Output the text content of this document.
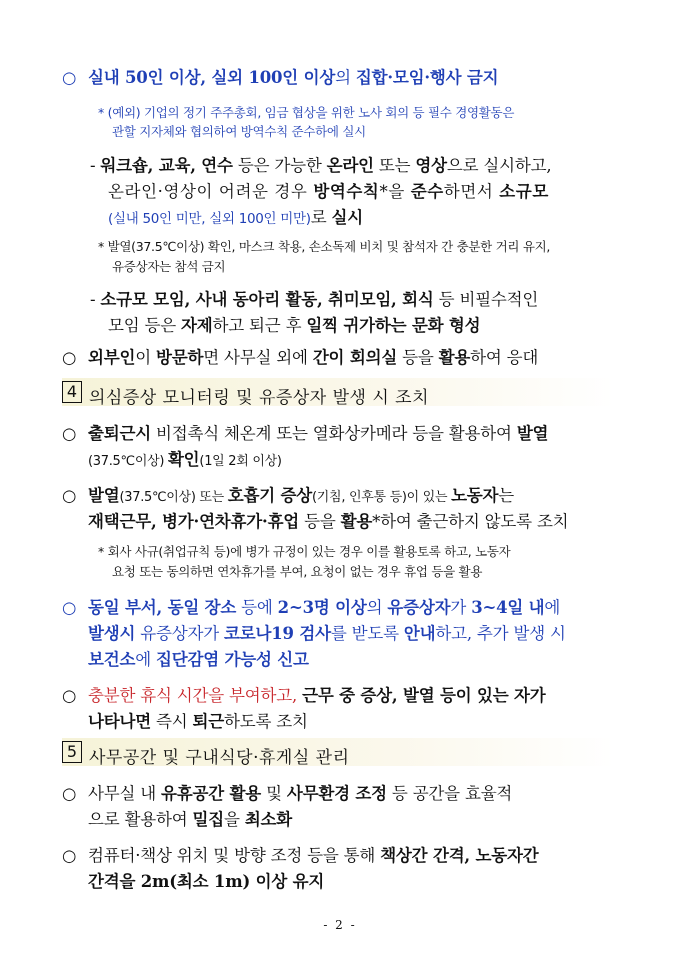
○ 실내 50인 이상, 실외 100인 이상의 집합·모임·행사 금지
* (예외) 기업의 정기 주주총회, 임금 협상을 위한 노사 회의 등 필수 경영활동은
관할 지자체와 협의하여 방역수칙 준수하에 실시
- 워크숍, 교육, 연수 등은 가능한 온라인 또는 영상으로 실시하고,
온라인·영상이 어려운 경우 방역수칙*을 준수하면서 소규모
(실내 50인 미만, 실외 100인 미만)로 실시
* 발열(37.5℃이상) 확인, 마스크 착용, 손소독제 비치 및 참석자 간 충분한 거리 유지,
유증상자는 참석 금지
- 소규모 모임, 사내 동아리 활동, 취미모임, 회식 등 비필수적인
모임 등은 자제하고 퇴근 후 일찍 귀가하는 문화 형성
○ 외부인이 방문하면 사무실 외에 간이 회의실 등을 활용하여 응대
4 의심증상 모니터링 및 유증상자 발생 시 조치
○ 출퇴근시 비접촉식 체온계 또는 열화상카메라 등을 활용하여 발열
(37.5℃이상) 확인(1일 2회 이상)
○ 발열(37.5℃이상) 또는 호흡기 증상(기침, 인후통 등)이 있는 노동자는
재택근무, 병가·연차휴가·휴업 등을 활용*하여 출근하지 않도록 조치
* 회사 사규(취업규칙 등)에 병가 규정이 있는 경우 이를 활용토록 하고, 노동자
요청 또는 동의하면 연차휴가를 부여, 요청이 없는 경우 휴업 등을 활용
○ 동일 부서, 동일 장소 등에 2~3명 이상의 유증상자가 3~4일 내에
발생시 유증상자가 코로나19 검사를 받도록 안내하고, 추가 발생 시
보건소에 집단감염 가능성 신고
○ 충분한 휴식 시간을 부여하고, 근무 중 증상, 발열 등이 있는 자가
나타나면 즉시 퇴근하도록 조치
5 사무공간 및 구내식당·휴게실 관리
○ 사무실 내 유휴공간 활용 및 사무환경 조정 등 공간을 효율적
으로 활용하여 밀집을 최소화
○ 컴퓨터·책상 위치 및 방향 조정 등을 통해 책상간 간격, 노동자간
간격을 2m(최소 1m) 이상 유지
- 2 -
